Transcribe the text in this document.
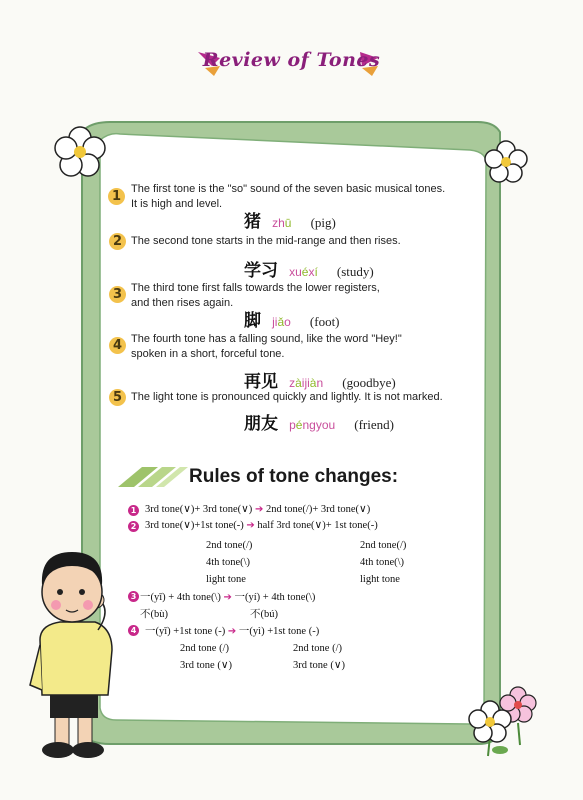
Review of Tones
1 The first tone is the "so" sound of the seven basic musical tones.
It is high and level.
猪 zhū (pig)
2 The second tone starts in the mid-range and then rises.
学习 xuéxí (study)
3 The third tone first falls towards the lower registers,
and then rises again.
脚 jiǎo (foot)
4 The fourth tone has a falling sound, like the word "Hey!"
spoken in a short, forceful tone.
再见 zàijiàn (goodbye)
5 The light tone is pronounced quickly and lightly. It is not marked.
朋友 péngyou (friend)
Rules of tone changes:
1 3rd tone(∨)+ 3rd tone(∨) ➔ 2nd tone(/)+ 3rd tone(∨)
2 3rd tone(∨)+1st tone(-) ➔ half 3rd tone(∨)+ 1st tone(-)
2nd tone(/)
4th tone(\)
light tone
2nd tone(/)
4th tone(\)
light tone
3 一(yī) + 4th tone(\) ➔ 一(yí) + 4th tone(\)
不(bù)	不(bú)
4 一(yī) +1st tone (-) ➔ 一(yì) +1st tone (-)
2nd tone (/)
3rd tone (∨)
2nd tone (/)
3rd tone (∨)
